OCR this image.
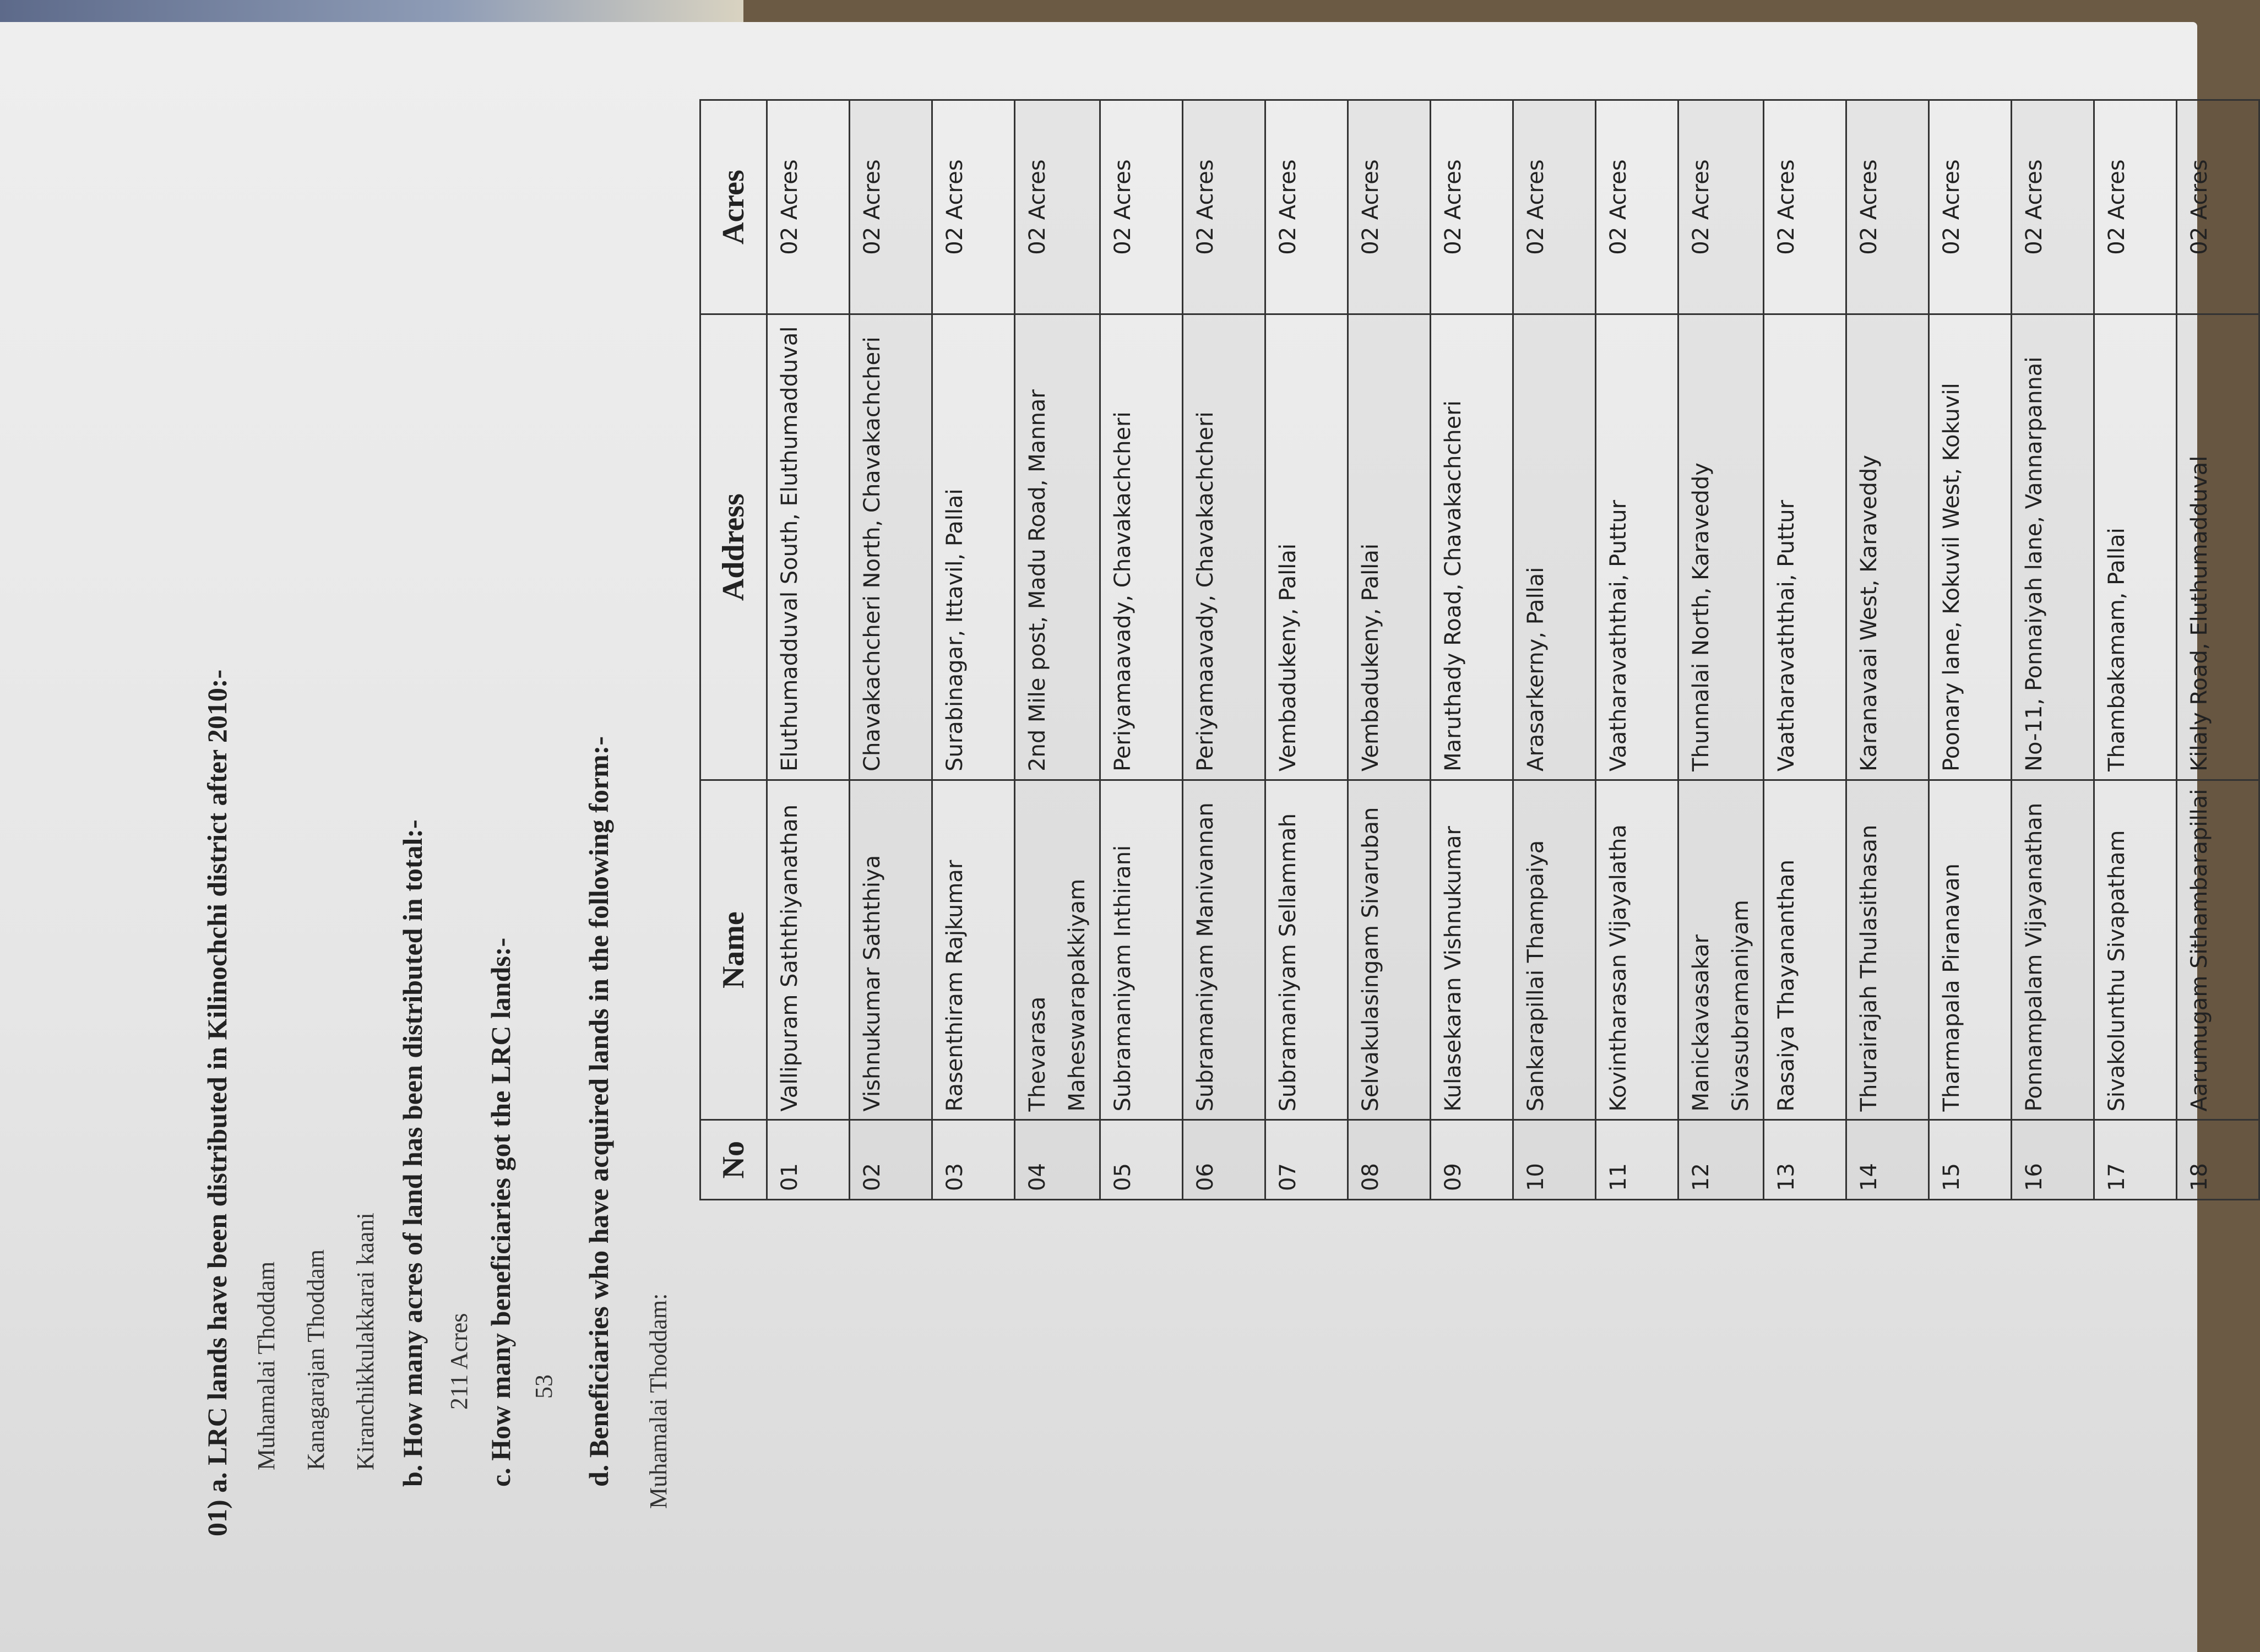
01) a. LRC lands have been distributed in Kilinochchi district after 2010:- Muhamalai Thoddam Kanagarajan Thoddam Kiranchikkulakkarai kaani b. How many acres of land has been distributed in total:- 211 Acres c. How many beneficiaries got the LRC lands:- 53 d. Beneficiaries who have acquired lands in the following form:- Muhamalai Thoddam:
No	Name	Address	Acres
01	Vallipuram Saththiyanathan	Eluthumadduval South, Eluthumadduval	02 Acres
02	Vishnukumar Saththiya	Chavakachcheri North, Chavakachcheri	02 Acres
03	Rasenthiram Rajkumar	Surabinagar, Ittavil, Pallai	02 Acres
04	Thevarasa Maheswarapakkiyam	2nd Mile post, Madu Road, Mannar	02 Acres
05	Subramaniyam Inthirani	Periyamaavady, Chavakachcheri	02 Acres
06	Subramaniyam Manivannan	Periyamaavady, Chavakachcheri	02 Acres
07	Subramaniyam Sellammah	Vembadukeny, Pallai	02 Acres
08	Selvakulasingam Sivaruban	Vembadukeny, Pallai	02 Acres
09	Kulasekaran Vishnukumar	Maruthady Road, Chavakachcheri	02 Acres
10	Sankarapillai Thampaiya	Arasarkerny, Pallai	02 Acres
11	Kovintharasan Vijayalatha	Vaatharavaththai, Puttur	02 Acres
12	Manickavasakar Sivasubramaniyam	Thunnalai North, Karaveddy	02 Acres
13	Rasaiya Thayananthan	Vaatharavaththai, Puttur	02 Acres
14	Thurairajah Thulasithasan	Karanavaai West, Karaveddy	02 Acres
15	Tharmapala Piranavan	Poonary lane, Kokuvil West, Kokuvil	02 Acres
16	Ponnampalam Vijayanathan	No-11, Ponnaiyah lane, Vannarpannai	02 Acres
17	Sivakolunthu Sivapatham	Thambakamam, Pallai	02 Acres
18	Aarumugam Sithambarapillai	Kilaly Road, Eluthumadduval	02 Acres
